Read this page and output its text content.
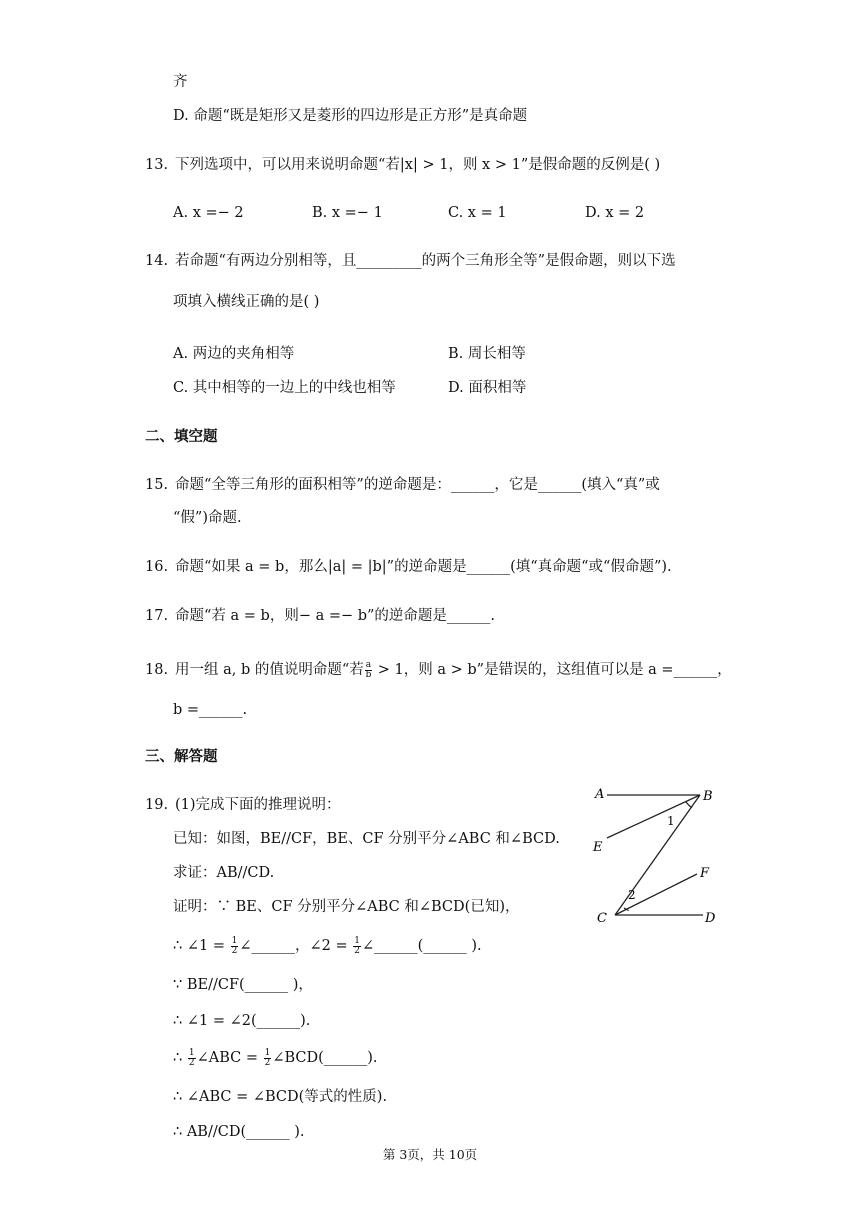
齐
D. 命题“既是矩形又是菱形的四边形是正方形”是真命题
13. 下列选项中，可以用来说明命题“若|x| > 1，则 x > 1”是假命题的反例是( )
A. x =− 2	B. x =− 1	C. x = 1	D. x = 2
14. 若命题“有两边分别相等，且_________的两个三角形全等”是假命题，则以下选
项填入横线正确的是( )
A. 两边的夹角相等	B. 周长相等
C. 其中相等的一边上的中线也相等	D. 面积相等
二、填空题
15. 命题“全等三角形的面积相等”的逆命题是：______，它是______(填入“真”或
“假”)命题.
16. 命题“如果 a = b，那么|a| = |b|”的逆命题是______(填“真命题“或“假命题”).
17. 命题“若 a = b，则− a =− b”的逆命题是______.
18. 用一组 a, b 的值说明命题“若 $\frac{a}{b} > 1$，则 a > b”是错误的，这组值可以是 a =______，
b =______.
三、解答题
19. (1)完成下面的推理说明：
已知：如图，BE//CF，BE、CF 分别平分∠ABC 和∠BCD.
求证：AB//CD.
证明：∵ BE、CF 分别平分∠ABC 和∠BCD(已知)，
∴ ∠1 = $\frac{1}{2}$ ∠______，∠2 = $\frac{1}{2}$ ∠______(______ ).
∵ BE//CF(______ )，
∴ ∠1 = ∠2(______).
∴ $\frac{1}{2}$ ∠ABC = $\frac{1}{2}$ ∠BCD(______).
∴ ∠ABC = ∠BCD(等式的性质).
∴ AB//CD(______ ).
A	B
E
F
C	D
1
2
第 3页，共 10页
